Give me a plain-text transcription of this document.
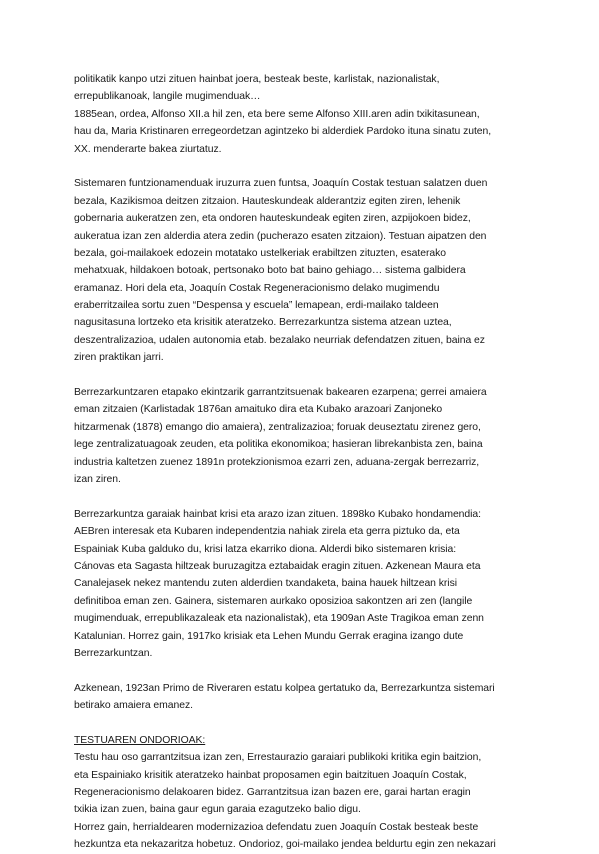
politikatik kanpo utzi zituen hainbat joera, besteak beste, karlistak, nazionalistak,
errepublikanoak, langile mugimenduak…
1885ean, ordea, Alfonso XII.a hil zen, eta bere seme Alfonso XIII.aren adin txikitasunean,
hau da, Maria Kristinaren erregeordetzan agintzeko bi alderdiek Pardoko ituna sinatu zuten,
XX. menderarte bakea ziurtatuz.
Sistemaren funtzionamenduak iruzurra zuen funtsa, Joaquín Costak testuan salatzen duen
bezala, Kazikismoa deitzen zitzaion. Hauteskundeak alderantziz egiten ziren, lehenik
gobernaria aukeratzen zen, eta ondoren hauteskundeak egiten ziren, azpijokoen bidez,
aukeratua izan zen alderdia atera zedin (pucherazo esaten zitzaion). Testuan aipatzen den
bezala, goi-mailakoek edozein motatako ustelkeriak erabiltzen zituzten, esaterako
mehatxuak, hildakoen botoak, pertsonako boto bat baino gehiago… sistema galbidera
eramanaz. Hori dela eta, Joaquín Costak Regeneracionismo delako mugimendu
eraberritzailea sortu zuen “Despensa y escuela” lemapean, erdi-mailako taldeen
nagusitasuna lortzeko eta krisitik ateratzeko. Berrezarkuntza sistema atzean uztea,
deszentralizazioa, udalen autonomia etab. bezalako neurriak defendatzen zituen, baina ez
ziren praktikan jarri.
Berrezarkuntzaren etapako ekintzarik garrantzitsuenak bakearen ezarpena; gerrei amaiera
eman zitzaien (Karlistadak 1876an amaituko dira eta Kubako arazoari Zanjoneko
hitzarmenak (1878) emango dio amaiera), zentralizazioa; foruak deuseztatu zirenez gero,
lege zentralizatuagoak zeuden, eta politika ekonomikoa; hasieran librekanbista zen, baina
industria kaltetzen zuenez 1891n protekzionismoa ezarri zen, aduana-zergak berrezarriz,
izan ziren.
Berrezarkuntza garaiak hainbat krisi eta arazo izan zituen. 1898ko Kubako hondamendia:
AEBren interesak eta Kubaren independentzia nahiak zirela eta gerra piztuko da, eta
Espainiak Kuba galduko du, krisi latza ekarriko diona. Alderdi biko sistemaren krisia:
Cánovas eta Sagasta hiltzeak buruzagitza eztabaidak eragin zituen. Azkenean Maura eta
Canalejasek nekez mantendu zuten alderdien txandaketa, baina hauek hiltzean krisi
definitiboa eman zen. Gainera, sistemaren aurkako oposizioa sakontzen ari zen (langile
mugimenduak, errepublikazaleak eta nazionalistak), eta 1909an Aste Tragikoa eman zenn
Katalunian. Horrez gain, 1917ko krisiak eta Lehen Mundu Gerrak eragina izango dute
Berrezarkuntzan.
Azkenean, 1923an Primo de Riveraren estatu kolpea gertatuko da, Berrezarkuntza sistemari
betirako amaiera emanez.
TESTUAREN ONDORIOAK:
Testu hau oso garrantzitsua izan zen, Errestaurazio garaiari publikoki kritika egin baitzion,
eta Espainiako krisitik ateratzeko hainbat proposamen egin baitzituen Joaquín Costak,
Regeneracionismo delakoaren bidez. Garrantzitsua izan bazen ere, garai hartan eragin
txikia izan zuen, baina gaur egun garaia ezagutzeko balio digu.
Horrez gain, herrialdearen modernizazioa defendatu zuen Joaquín Costak besteak beste
hezkuntza eta nekazaritza hobetuz. Ondorioz, goi-mailako jendea beldurtu egin zen nekazari
